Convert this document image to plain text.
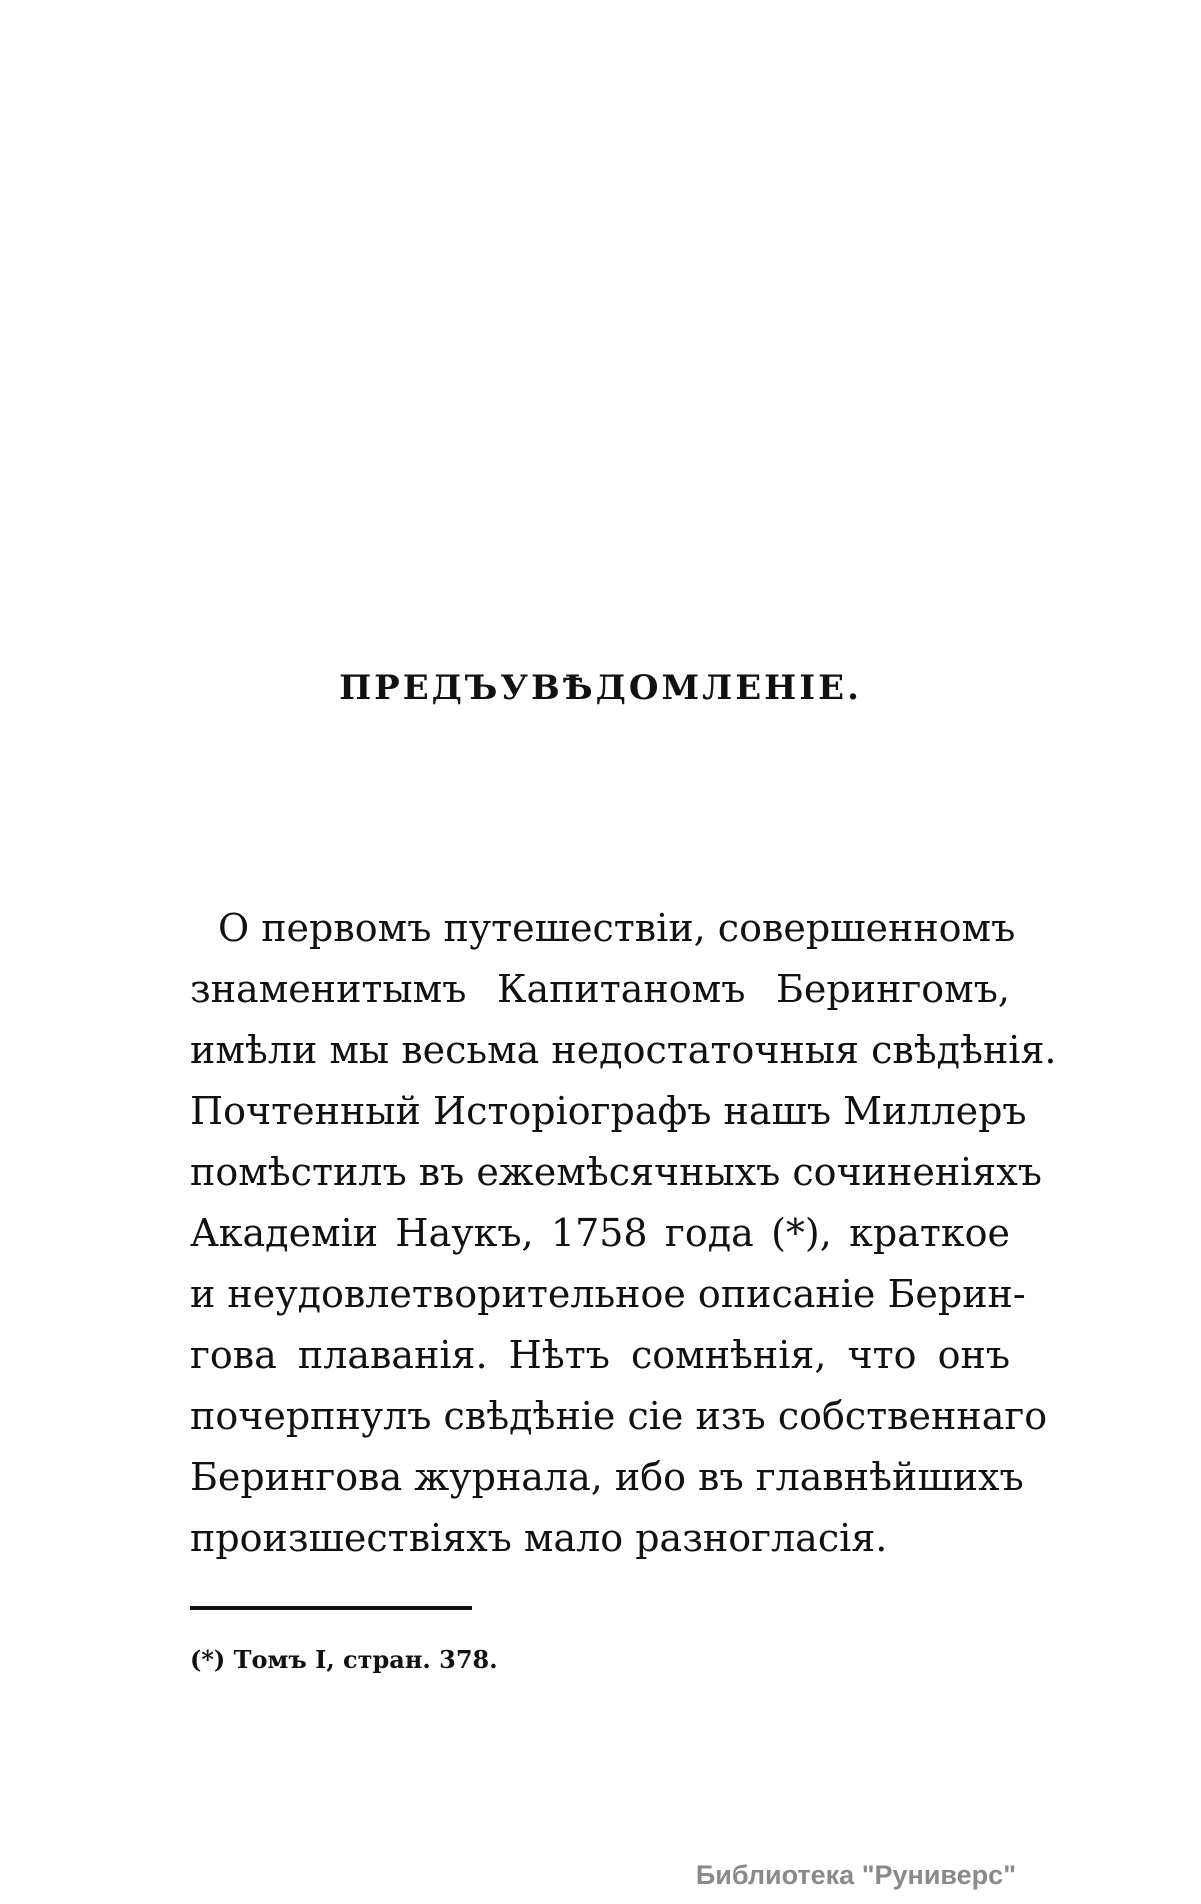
ПРЕДЪУВѢДОМЛЕНІЕ.
О первомъ путешествіи, совершенномъ
знаменитымъ Капитаномъ Берингомъ,
имѣли мы весьма недостаточныя свѣдѣнія.
Почтенный Исторіографъ нашъ Миллеръ
помѣстилъ въ ежемѣсячныхъ сочиненіяхъ
Академіи Наукъ, 1758 года (*), краткое
и неудовлетворительное описаніе Берин-
гова плаванія. Нѣтъ сомнѣнія, что онъ
почерпнулъ свѣдѣніе сіе изъ собственнаго
Берингова журнала, ибо въ главнѣйшихъ
произшествіяхъ мало разногласія.

(*) Томъ I, стран. 378.

Библиотека "Руниверс"
